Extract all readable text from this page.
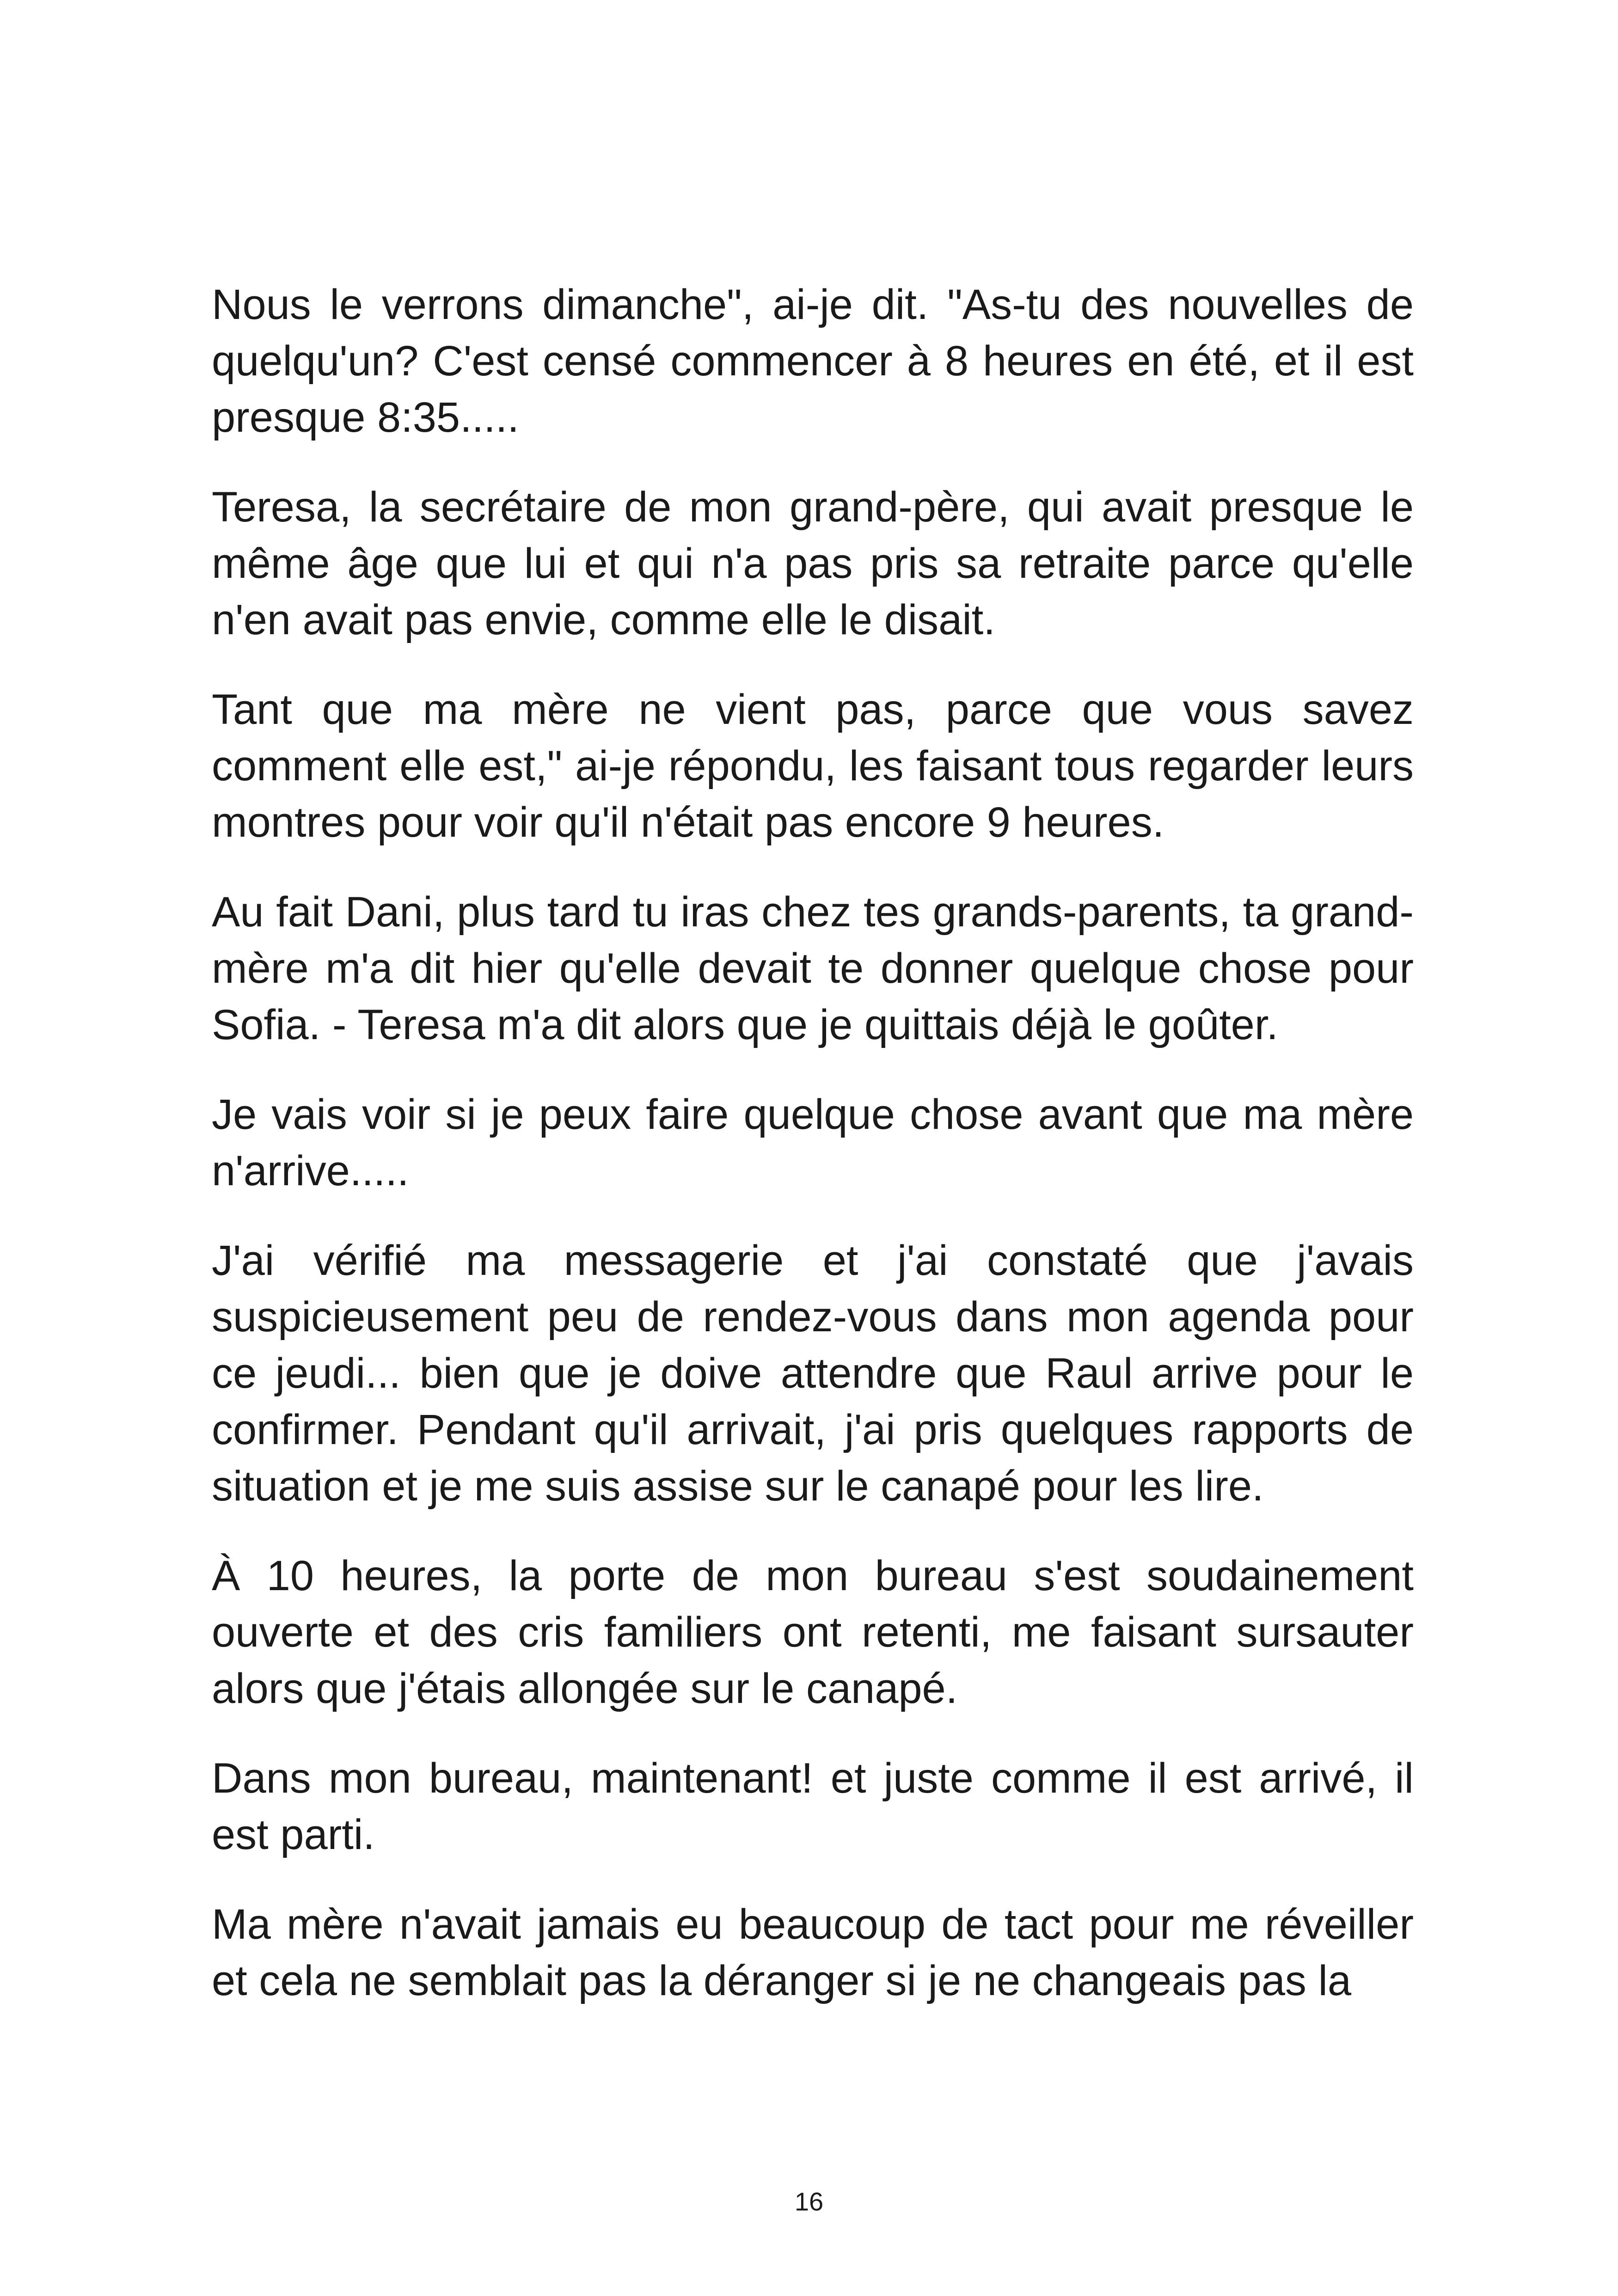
Nous le verrons dimanche", ai-je dit. "As-tu des nouvelles de quelqu'un? C'est censé commencer à 8 heures en été, et il est presque 8:35.....

Teresa, la secrétaire de mon grand-père, qui avait presque le même âge que lui et qui n'a pas pris sa retraite parce qu'elle n'en avait pas envie, comme elle le disait.

Tant que ma mère ne vient pas, parce que vous savez comment elle est," ai-je répondu, les faisant tous regarder leurs montres pour voir qu'il n'était pas encore 9 heures.

Au fait Dani, plus tard tu iras chez tes grands-parents, ta grand-mère m'a dit hier qu'elle devait te donner quelque chose pour Sofia. - Teresa m'a dit alors que je quittais déjà le goûter.

Je vais voir si je peux faire quelque chose avant que ma mère n'arrive.....

J'ai vérifié ma messagerie et j'ai constaté que j'avais suspicieusement peu de rendez-vous dans mon agenda pour ce jeudi... bien que je doive attendre que Raul arrive pour le confirmer. Pendant qu'il arrivait, j'ai pris quelques rapports de situation et je me suis assise sur le canapé pour les lire.

À 10 heures, la porte de mon bureau s'est soudainement ouverte et des cris familiers ont retenti, me faisant sursauter alors que j'étais allongée sur le canapé.

Dans mon bureau, maintenant! et juste comme il est arrivé, il est parti.

Ma mère n'avait jamais eu beaucoup de tact pour me réveiller et cela ne semblait pas la déranger si je ne changeais pas la

16
